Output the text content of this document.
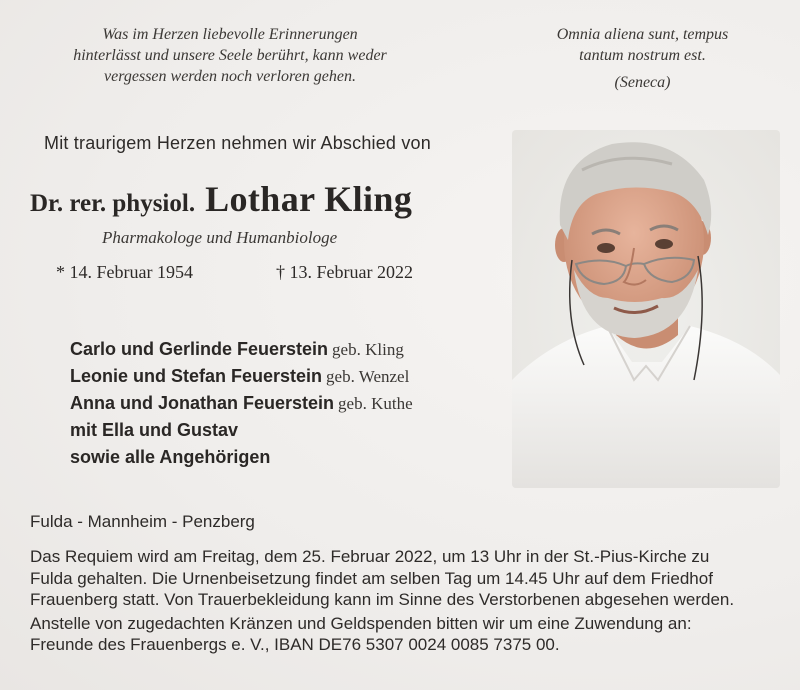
Was im Herzen liebevolle Erinnerungen
hinterlässt und unsere Seele berührt, kann weder
vergessen werden noch verloren gehen.
Omnia aliena sunt, tempus
tantum nostrum est.
(Seneca)
Mit traurigem Herzen nehmen wir Abschied von
Dr. rer. physiol. Lothar Kling
Pharmakologe und Humanbiologe
* 14. Februar 1954	† 13. Februar 2022
Carlo und Gerlinde Feuerstein geb. Kling
Leonie und Stefan Feuerstein geb. Wenzel
Anna und Jonathan Feuerstein geb. Kuthe
mit Ella und Gustav
sowie alle Angehörigen
Fulda - Mannheim - Penzberg
Das Requiem wird am Freitag, dem 25. Februar 2022, um 13 Uhr in der St.-Pius-Kirche zu
Fulda gehalten. Die Urnenbeisetzung findet am selben Tag um 14.45 Uhr auf dem Friedhof
Frauenberg statt. Von Trauerbekleidung kann im Sinne des Verstorbenen abgesehen werden.
Anstelle von zugedachten Kränzen und Geldspenden bitten wir um eine Zuwendung an:
Freunde des Frauenbergs e. V., IBAN DE76 5307 0024 0085 7375 00.
